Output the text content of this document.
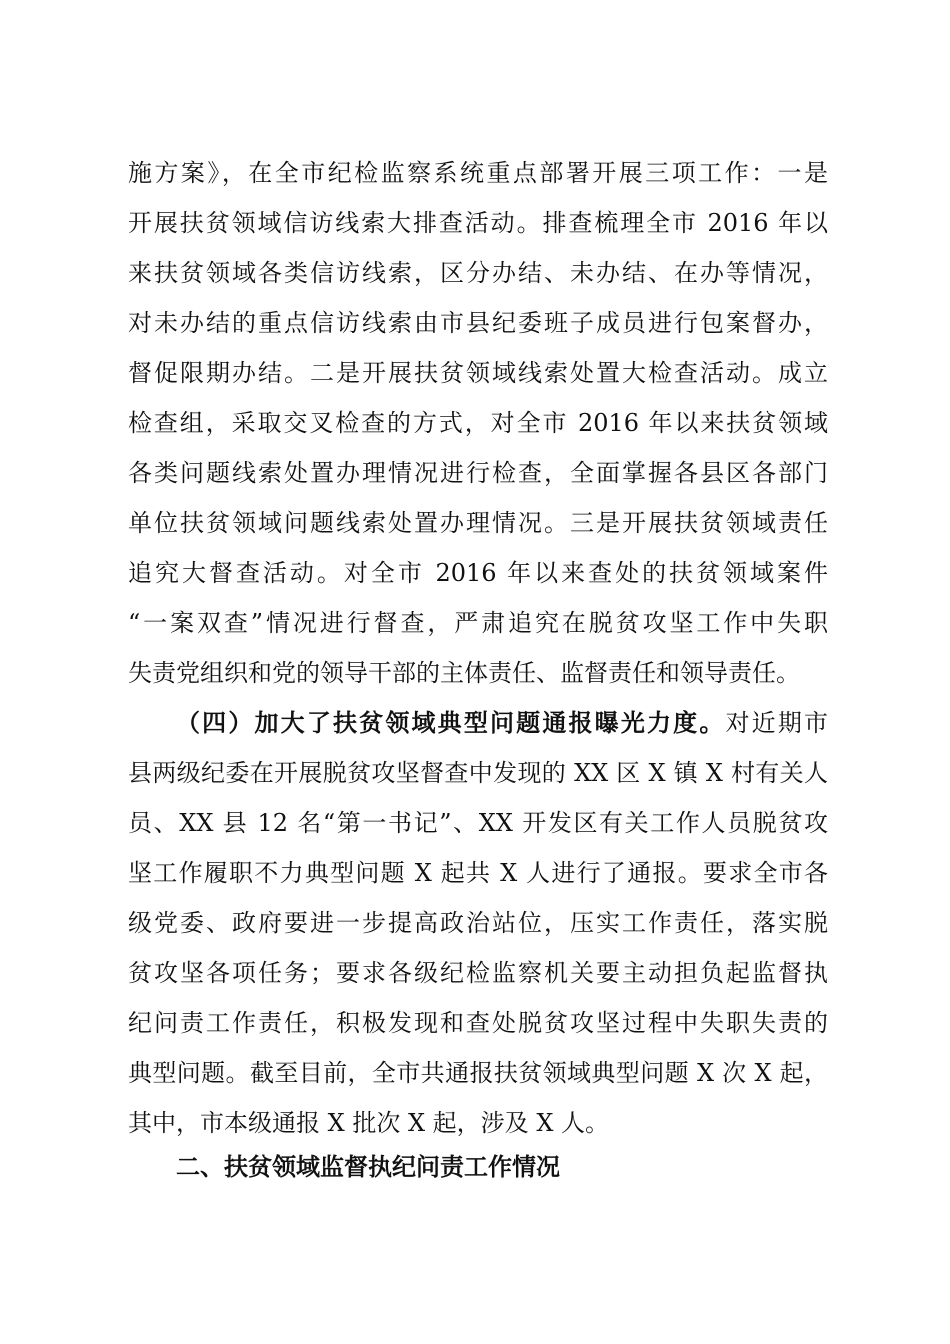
施方案》，在全市纪检监察系统重点部署开展三项工作：一是
开展扶贫领域信访线索大排查活动。排查梳理全市 2016 年以
来扶贫领域各类信访线索，区分办结、未办结、在办等情况，
对未办结的重点信访线索由市县纪委班子成员进行包案督办，
督促限期办结。二是开展扶贫领域线索处置大检查活动。成立
检查组，采取交叉检查的方式，对全市 2016 年以来扶贫领域
各类问题线索处置办理情况进行检查，全面掌握各县区各部门
单位扶贫领域问题线索处置办理情况。三是开展扶贫领域责任
追究大督查活动。对全市 2016 年以来查处的扶贫领域案件
“一案双查”情况进行督查，严肃追究在脱贫攻坚工作中失职
失责党组织和党的领导干部的主体责任、监督责任和领导责任。
（四）加大了扶贫领域典型问题通报曝光力度。对近期市
县两级纪委在开展脱贫攻坚督查中发现的 XX 区 X 镇 X 村有关人
员、XX 县 12 名“第一书记”、XX 开发区有关工作人员脱贫攻
坚工作履职不力典型问题 X 起共 X 人进行了通报。要求全市各
级党委、政府要进一步提高政治站位，压实工作责任，落实脱
贫攻坚各项任务；要求各级纪检监察机关要主动担负起监督执
纪问责工作责任，积极发现和查处脱贫攻坚过程中失职失责的
典型问题。截至目前，全市共通报扶贫领域典型问题 X 次 X 起，
其中，市本级通报 X 批次 X 起，涉及 X 人。
二、扶贫领域监督执纪问责工作情况
